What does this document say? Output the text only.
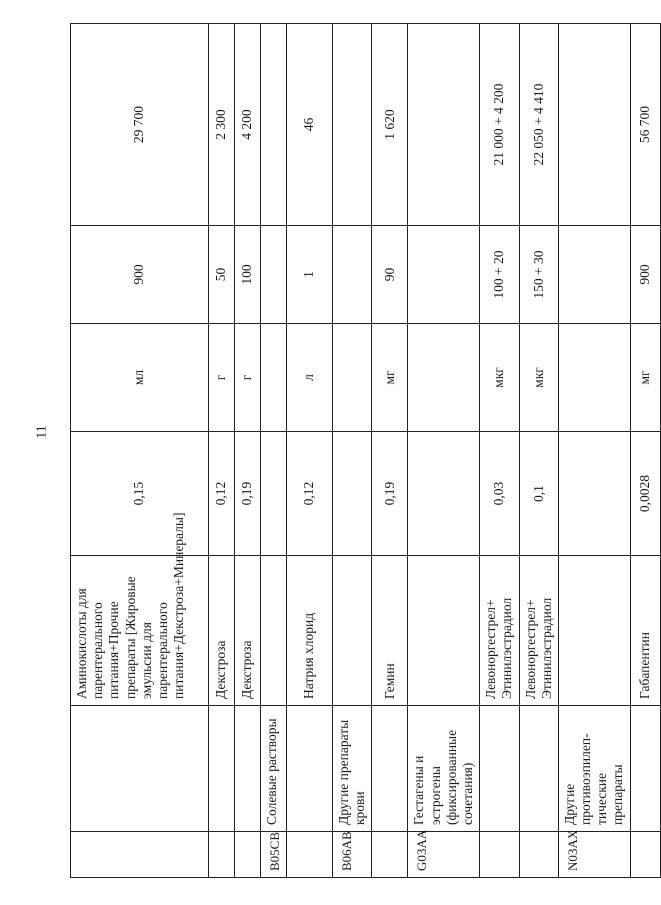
11
		Аминокислоты для парентерального питания+Прочие препараты [Жировые эмульсии для парентерального питания+Декстроза+Минералы]	0,15	мл	900	29 700
		Декстроза	0,12	г	50	2 300
		Декстроза	0,19	г	100	4 200
B05CB	Солевые растворы					
		Натрия хлорид	0,12	л	1	46
B06AB	Другие препараты крови					
		Гемин	0,19	мг	90	1 620
G03AA	Гестагены и эстрогены (фиксированные сочетания)					
		Левоноргестрел+ Этинилэстрадиол	0,03	мкг	100 + 20	21 000 + 4 200
		Левоноргестрел+ Этинилэстрадиол	0,1	мкг	150 + 30	22 050 + 4 410
N03AX	Другие противоэпилеп-тические препараты					
		Габапентин	0,0028	мг	900	56 700
